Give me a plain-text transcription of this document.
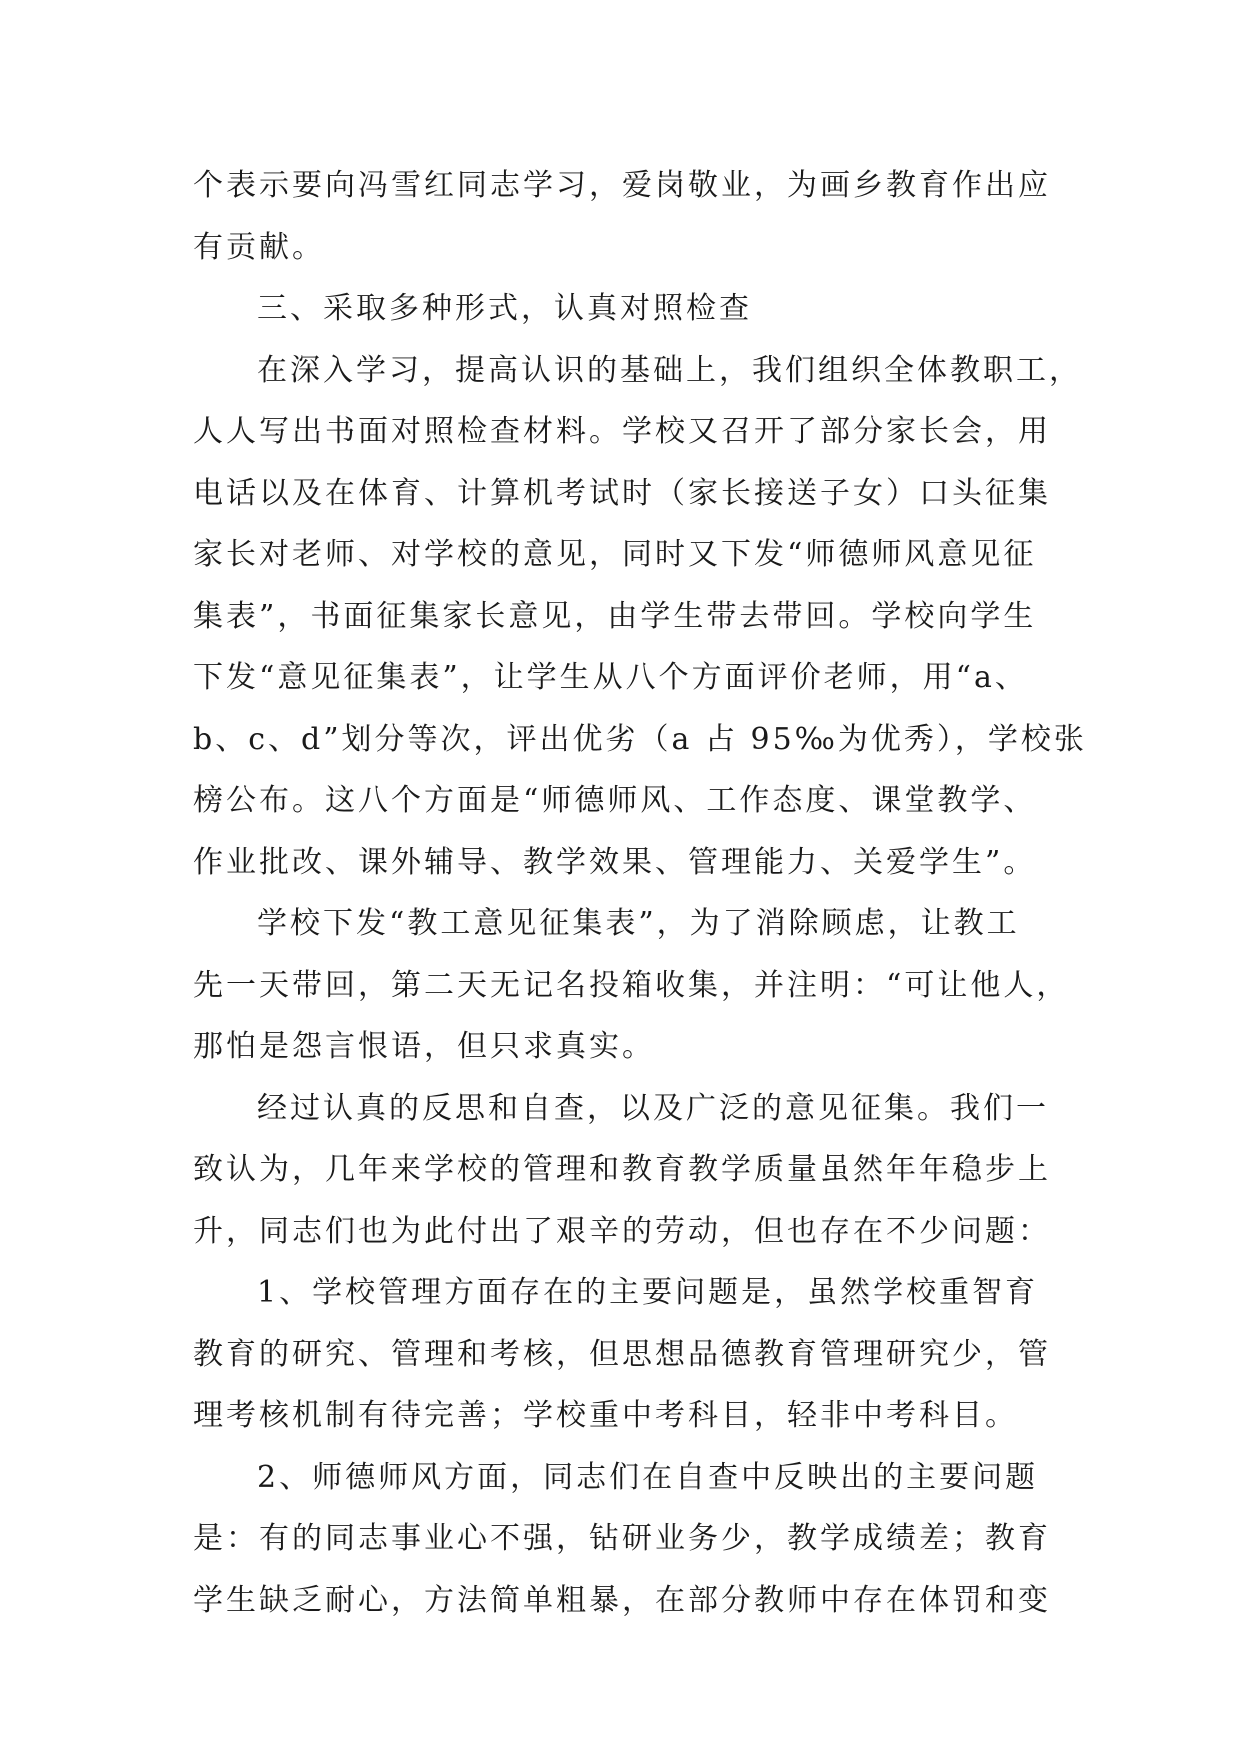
个表示要向冯雪红同志学习，爱岗敬业，为画乡教育作出应
有贡献。
三、采取多种形式，认真对照检查
在深入学习，提高认识的基础上，我们组织全体教职工，
人人写出书面对照检查材料。学校又召开了部分家长会，用
电话以及在体育、计算机考试时（家长接送子女）口头征集
家长对老师、对学校的意见，同时又下发“师德师风意见征
集表”，书面征集家长意见，由学生带去带回。学校向学生
下发“意见征集表”，让学生从八个方面评价老师，用“a、
b、c、d”划分等次，评出优劣（a 占 95‰为优秀），学校张
榜公布。这八个方面是“师德师风、工作态度、课堂教学、
作业批改、课外辅导、教学效果、管理能力、关爱学生”。
学校下发“教工意见征集表”，为了消除顾虑，让教工
先一天带回，第二天无记名投箱收集，并注明：“可让他人，
那怕是怨言恨语，但只求真实。
经过认真的反思和自查，以及广泛的意见征集。我们一
致认为，几年来学校的管理和教育教学质量虽然年年稳步上
升，同志们也为此付出了艰辛的劳动，但也存在不少问题：
1、学校管理方面存在的主要问题是，虽然学校重智育
教育的研究、管理和考核，但思想品德教育管理研究少，管
理考核机制有待完善；学校重中考科目，轻非中考科目。
2、师德师风方面，同志们在自查中反映出的主要问题
是：有的同志事业心不强，钻研业务少，教学成绩差；教育
学生缺乏耐心，方法简单粗暴，在部分教师中存在体罚和变
